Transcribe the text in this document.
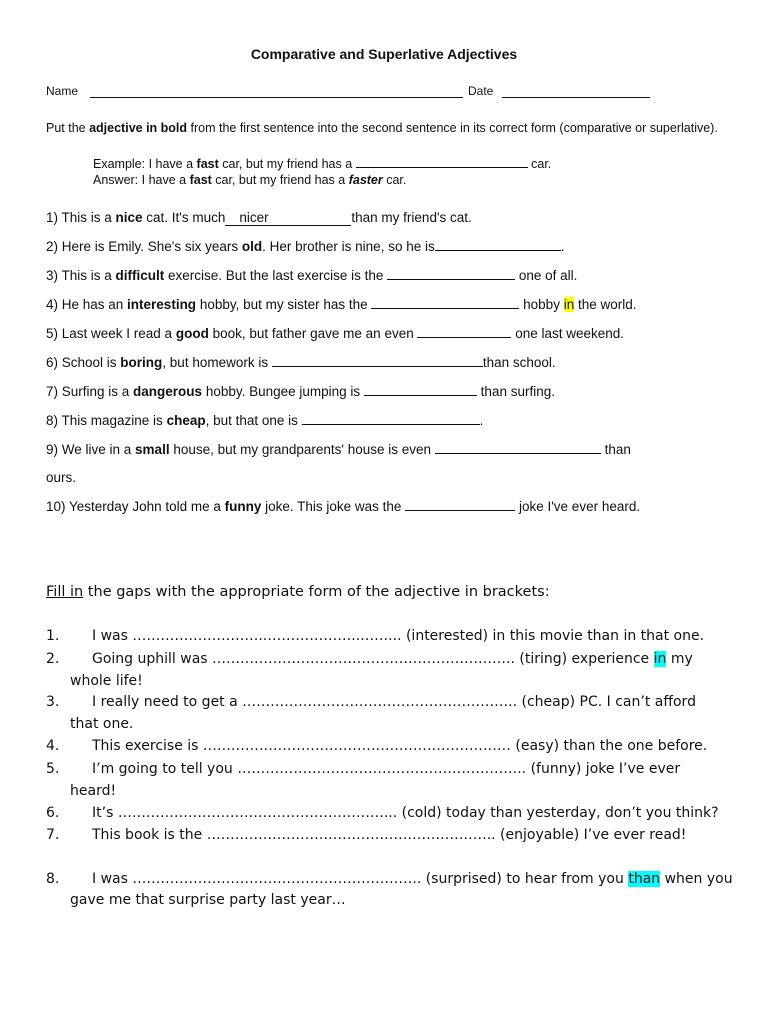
Comparative and Superlative Adjectives
Name	Date
Put the adjective in bold from the first sentence into the second sentence in its correct form (comparative or superlative).
Example: I have a fast car, but my friend has a	car.
Answer: I have a fast car, but my friend has a faster car.
1) This is a nice cat. It's much nicer	than my friend's cat.
2) Here is Emily. She's six years old. Her brother is nine, so he is	.
3) This is a difficult exercise. But the last exercise is the	one of all.
4) He has an interesting hobby, but my sister has the	hobby in the world.
5) Last week I read a good book, but father gave me an even	one last weekend.
6) School is boring, but homework is	than school.
7) Surfing is a dangerous hobby. Bungee jumping is	than surfing.
8) This magazine is cheap, but that one is	.
9) We live in a small house, but my grandparents' house is even	than
ours.
10) Yesterday John told me a funny joke. This joke was the	joke I've ever heard.
Fill in the gaps with the appropriate form of the adjective in brackets:
1. I was ………………………..………………..……... (interested) in this movie than in that one.
2. Going uphill was ……………………………………………………….. (tiring) experience in my
whole life!
3. I really need to get a ………………………………………………….. (cheap) PC. I can’t afford
that one.
4. This exercise is ………………………………………………………… (easy) than the one before.
5. I’m going to tell you …………………………………………………….. (funny) joke I’ve ever
heard!
6. It’s …………………………………………………... (cold) today than yesterday, don’t you think?
7. This book is the …………………………………………………….. (enjoyable) I’ve ever read!
8. I was …………………………………………………….. (surprised) to hear from you than when you
gave me that surprise party last year…
